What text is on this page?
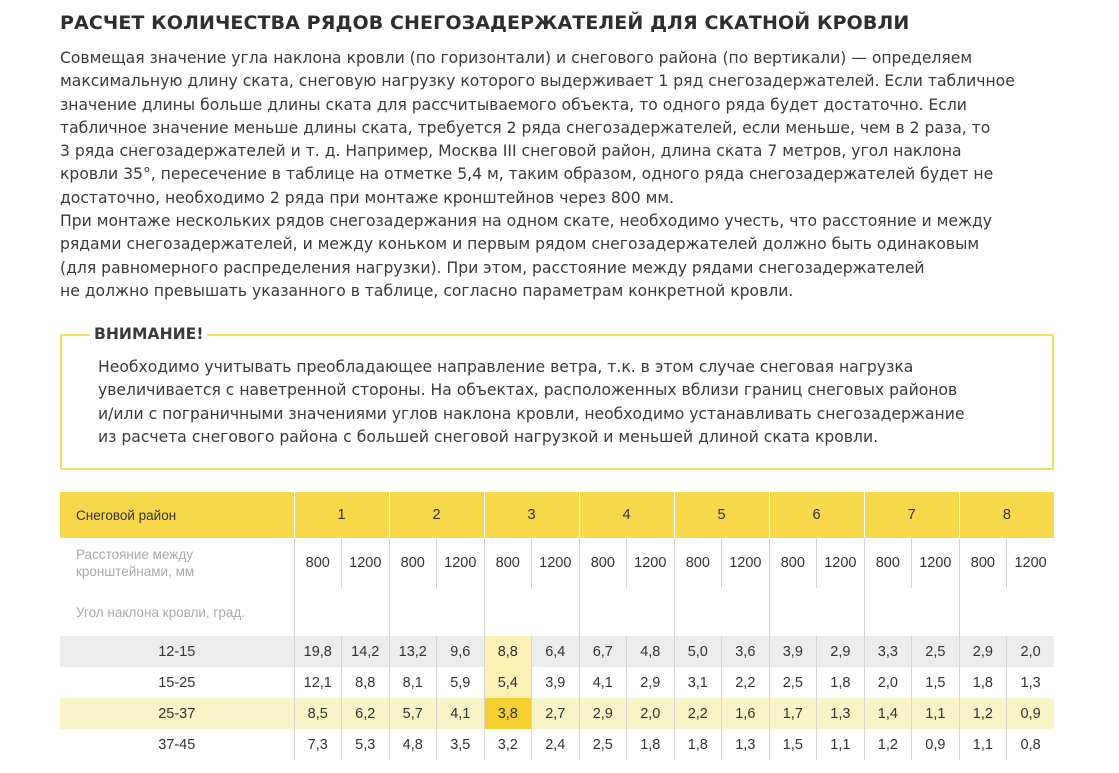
РАСЧЕТ КОЛИЧЕСТВА РЯДОВ СНЕГОЗАДЕРЖАТЕЛЕЙ ДЛЯ СКАТНОЙ КРОВЛИ

Совмещая значение угла наклона кровли (по горизонтали) и снегового района (по вертикали) — определяем

максимальную длину ската, снеговую нагрузку которого выдерживает 1 ряд снегозадержателей. Если табличное

значение длины больше длины ската для рассчитываемого объекта, то одного ряда будет достаточно. Если

табличное значение меньше длины ската, требуется 2 ряда снегозадержателей, если меньше, чем в 2 раза, то

3 ряда снегозадержателей и т. д. Например, Москва III снеговой район, длина ската 7 метров, угол наклона

кровли 35°, пересечение в таблице на отметке 5,4 м, таким образом, одного ряда снегозадержателей будет не

достаточно, необходимо 2 ряда при монтаже кронштейнов через 800 мм.

При монтаже нескольких рядов снегозадержания на одном скате, необходимо учесть, что расстояние и между

рядами снегозадержателей, и между коньком и первым рядом снегозадержателей должно быть одинаковым

(для равномерного распределения нагрузки). При этом, расстояние между рядами снегозадержателей

не должно превышать указанного в таблице, согласно параметрам конкретной кровли.

ВНИМАНИЕ!

Необходимо учитывать преобладающее направление ветра, т.к. в этом случае снеговая нагрузка

увеличивается с наветренной стороны. На объектах, расположенных вблизи границ снеговых районов

и/или с пограничными значениями углов наклона кровли, необходимо устанавливать снегозадержание

из расчета снегового района с большей снеговой нагрузкой и меньшей длиной ската кровли.

Снеговой район	1		2		3		4		5		6		7		8	

Расстояние между
кронштейнами, мм	800	1200	800	1200	800	1200	800	1200	800	1200	800	1200	800	1200	800	1200
Угол наклона кровли, град.																
12-15	19,8	14,2	13,2	9,6	8,8	6,4	6,7	4,8	5,0	3,6	3,9	2,9	3,3	2,5	2,9	2,0
15-25	12,1	8,8	8,1	5,9	5,4	3,9	4,1	2,9	3,1	2,2	2,5	1,8	2,0	1,5	1,8	1,3
25-37	8,5	6,2	5,7	4,1	3,8	2,7	2,9	2,0	2,2	1,6	1,7	1,3	1,4	1,1	1,2	0,9
37-45	7,3	5,3	4,8	3,5	3,2	2,4	2,5	1,8	1,8	1,3	1,5	1,1	1,2	0,9	1,1	0,8
